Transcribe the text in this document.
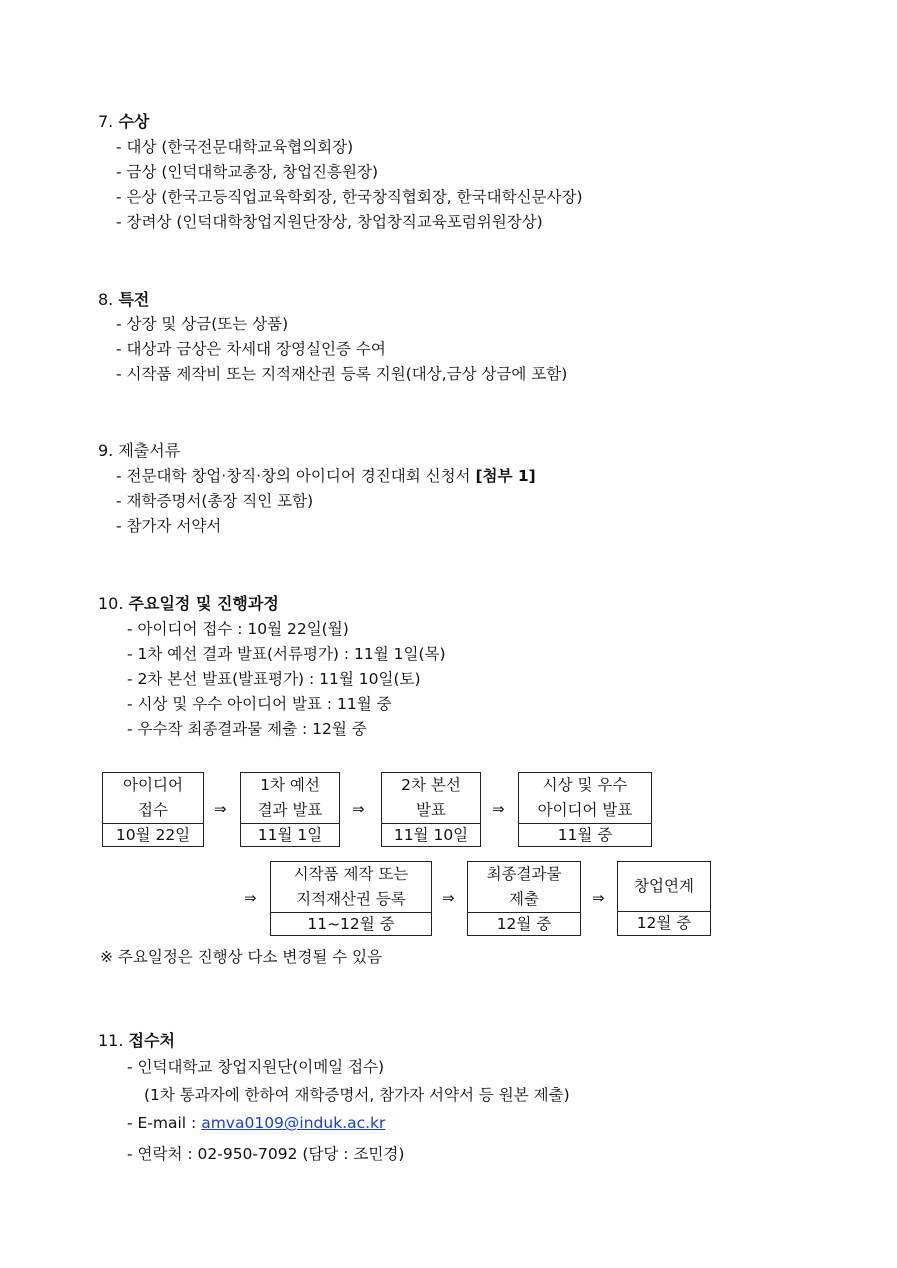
7. 수상
- 대상 (한국전문대학교육협의회장)
- 금상 (인덕대학교총장, 창업진흥원장)
- 은상 (한국고등직업교육학회장, 한국창직협회장, 한국대학신문사장)
- 장려상 (인덕대학창업지원단장상, 창업창직교육포럼위원장상)
8. 특전
- 상장 및 상금(또는 상품)
- 대상과 금상은 차세대 장영실인증 수여
- 시작품 제작비 또는 지적재산권 등록 지원(대상,금상 상금에 포함)
9. 제출서류
- 전문대학 창업·창직·창의 아이디어 경진대회 신청서 [첨부 1]
- 재학증명서(총장 직인 포함)
- 참가자 서약서
10. 주요일정 및 진행과정
- 아이디어 접수 : 10월 22일(월)
- 1차 예선 결과 발표(서류평가) : 11월 1일(목)
- 2차 본선 발표(발표평가) : 11월 10일(토)
- 시상 및 우수 아이디어 발표 : 11월 중
- 우수작 최종결과물 제출 : 12월 중
아이디어
접수
10월 22일
⇒
1차 예선
결과 발표
11월 1일
⇒
2차 본선
발표
11월 10일
⇒
시상 및 우수
아이디어 발표
11월 중
⇒
시작품 제작 또는
지적재산권 등록
11~12월 중
⇒
최종결과물
제출
12월 중
⇒
창업연계
12월 중
※ 주요일정은 진행상 다소 변경될 수 있음
11. 접수처
- 인덕대학교 창업지원단(이메일 접수)
(1차 통과자에 한하여 재학증명서, 참가자 서약서 등 원본 제출)
- E-mail : amva0109@induk.ac.kr
- 연락처 : 02-950-7092 (담당 : 조민경)
